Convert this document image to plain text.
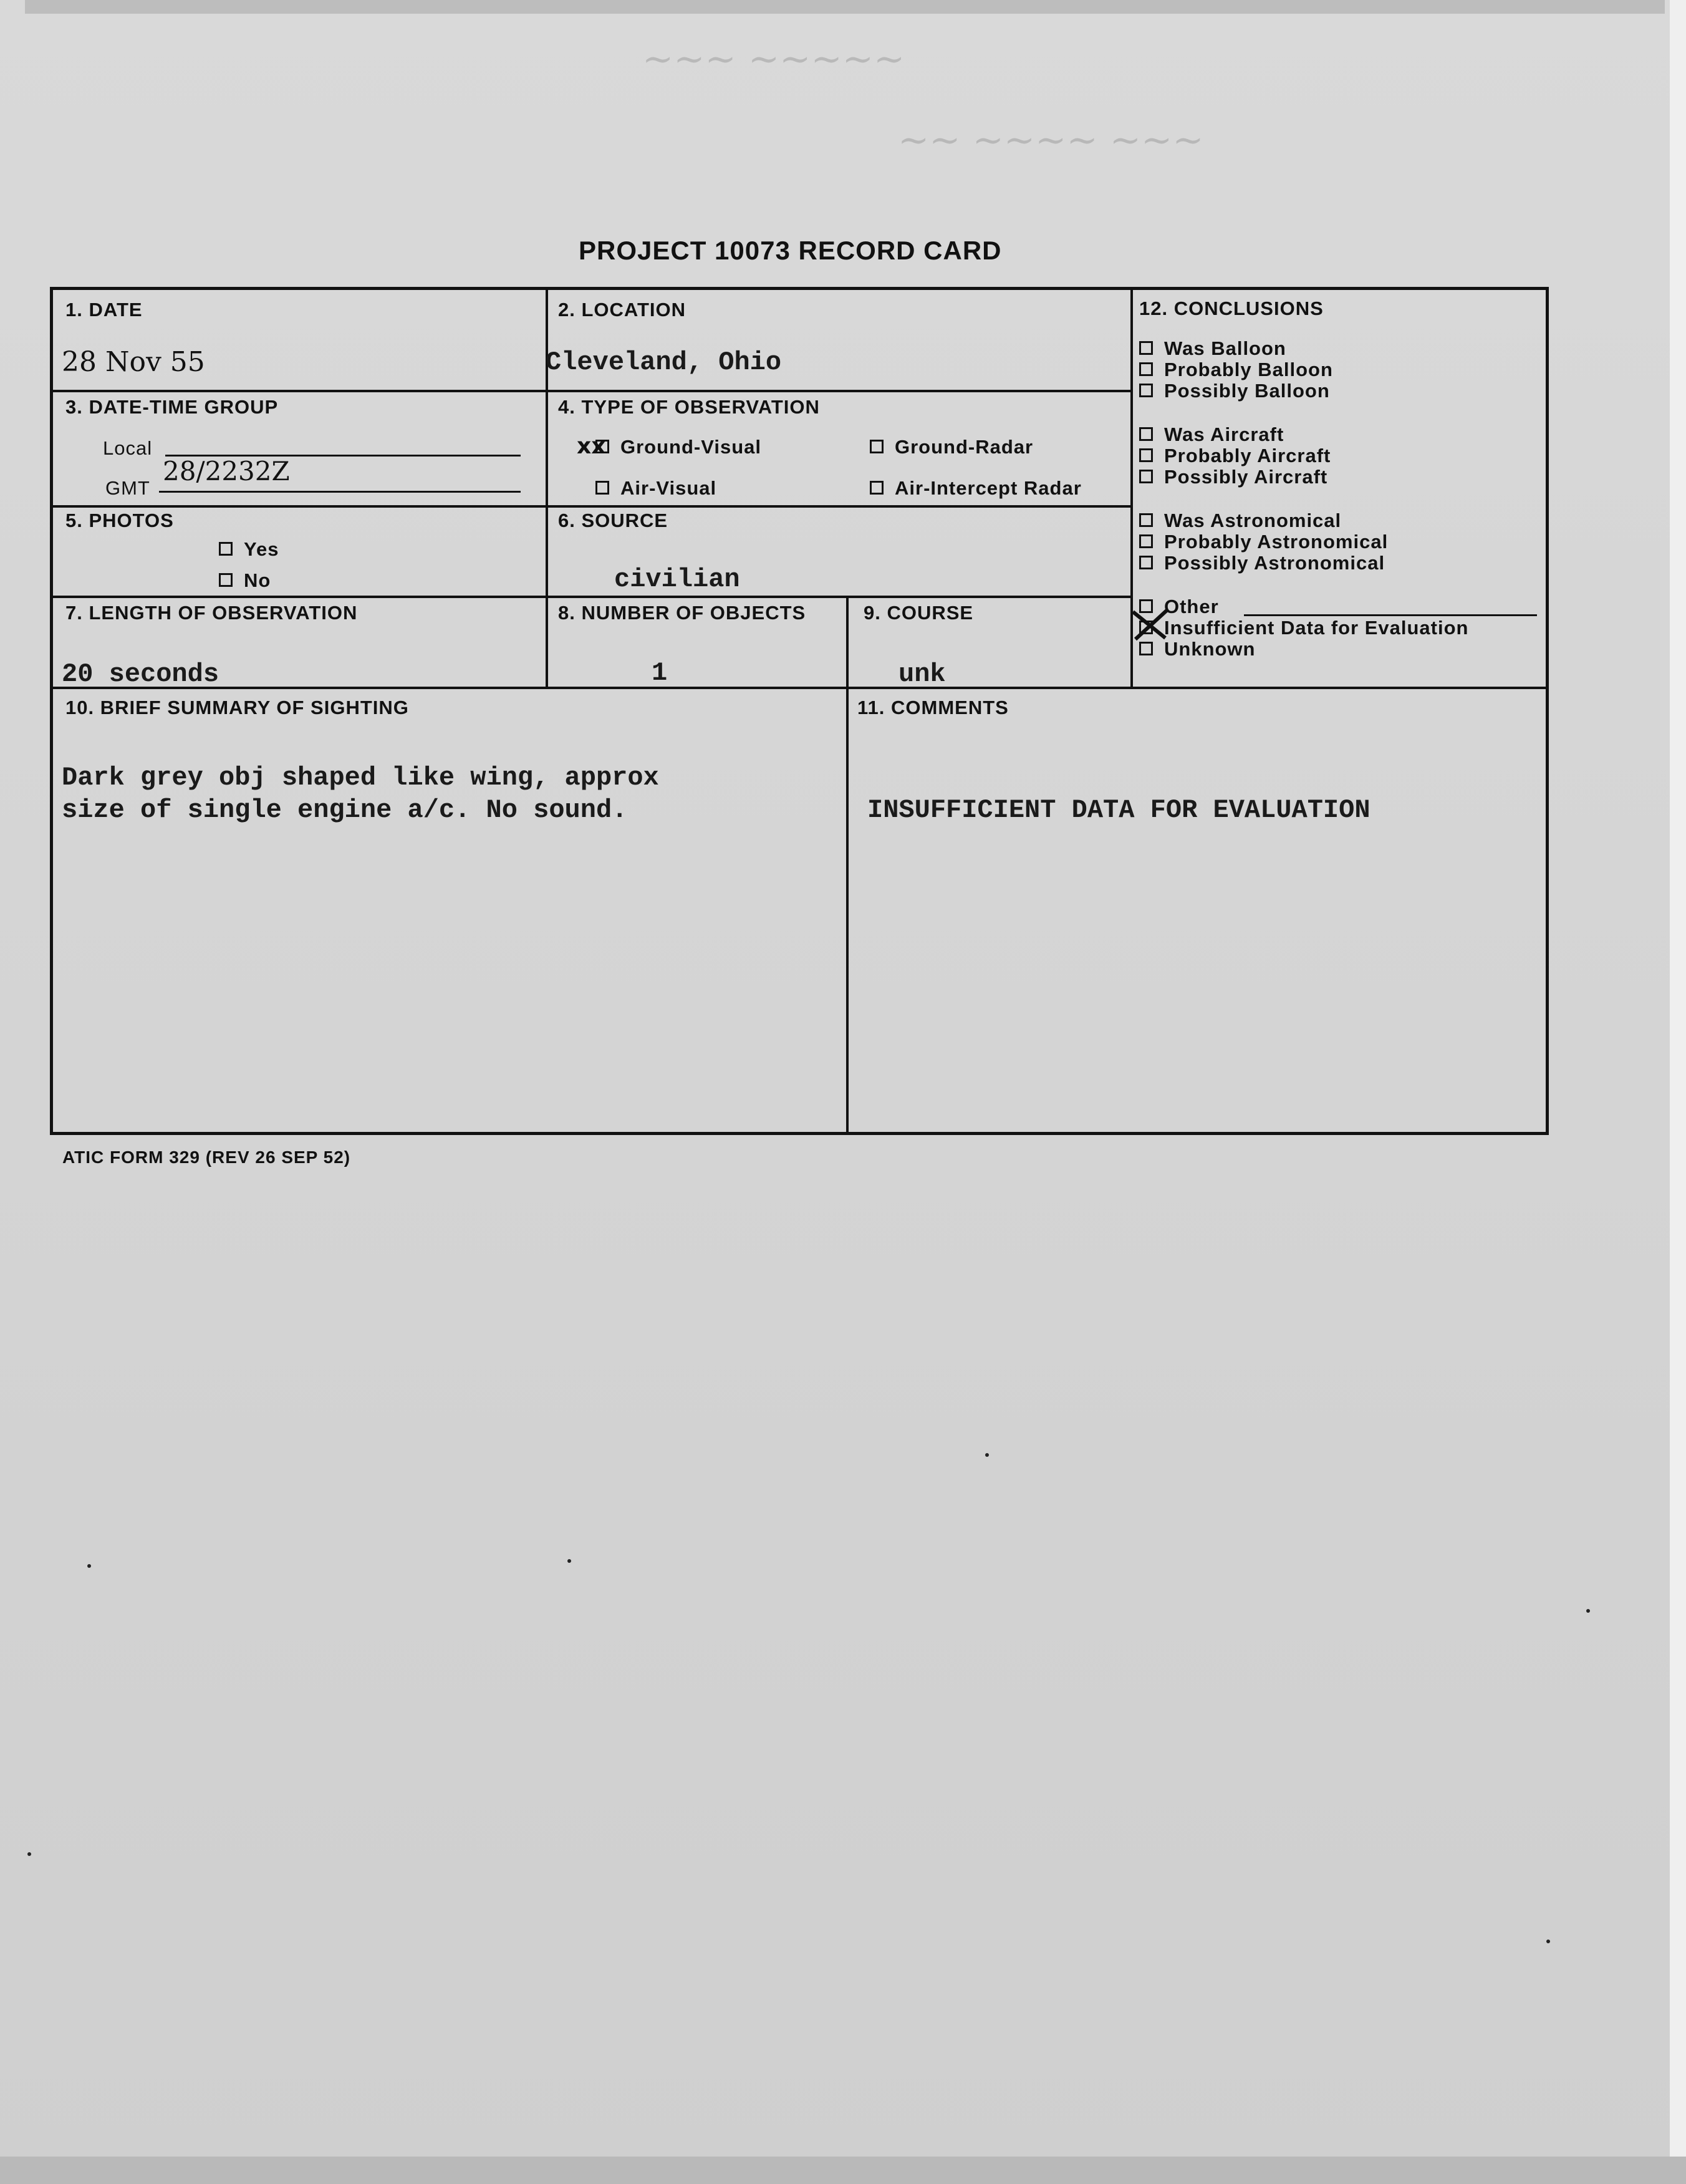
~~~ ~~~~~
~~ ~~~~ ~~~
PROJECT 10073 RECORD CARD
1. DATE
28 Nov 55
2. LOCATION
Cleveland, Ohio
3. DATE-TIME GROUP
Local
GMT
28/2232Z
4. TYPE OF OBSERVATION
xx Ground-Visual	Ground-Radar
Air-Visual	Air-Intercept Radar
5. PHOTOS
Yes
No
6. SOURCE
civilian
7. LENGTH OF OBSERVATION
20 seconds
8. NUMBER OF OBJECTS
1
9. COURSE
unk
10. BRIEF SUMMARY OF SIGHTING
Dark grey obj shaped like wing, approx
size of single engine a/c. No sound.
11. COMMENTS
INSUFFICIENT DATA FOR EVALUATION
12. CONCLUSIONS
Was Balloon
Probably Balloon
Possibly Balloon
Was Aircraft
Probably Aircraft
Possibly Aircraft
Was Astronomical
Probably Astronomical
Possibly Astronomical
Other
Insufficient Data for Evaluation
Unknown
ATIC FORM 329 (REV 26 SEP 52)
